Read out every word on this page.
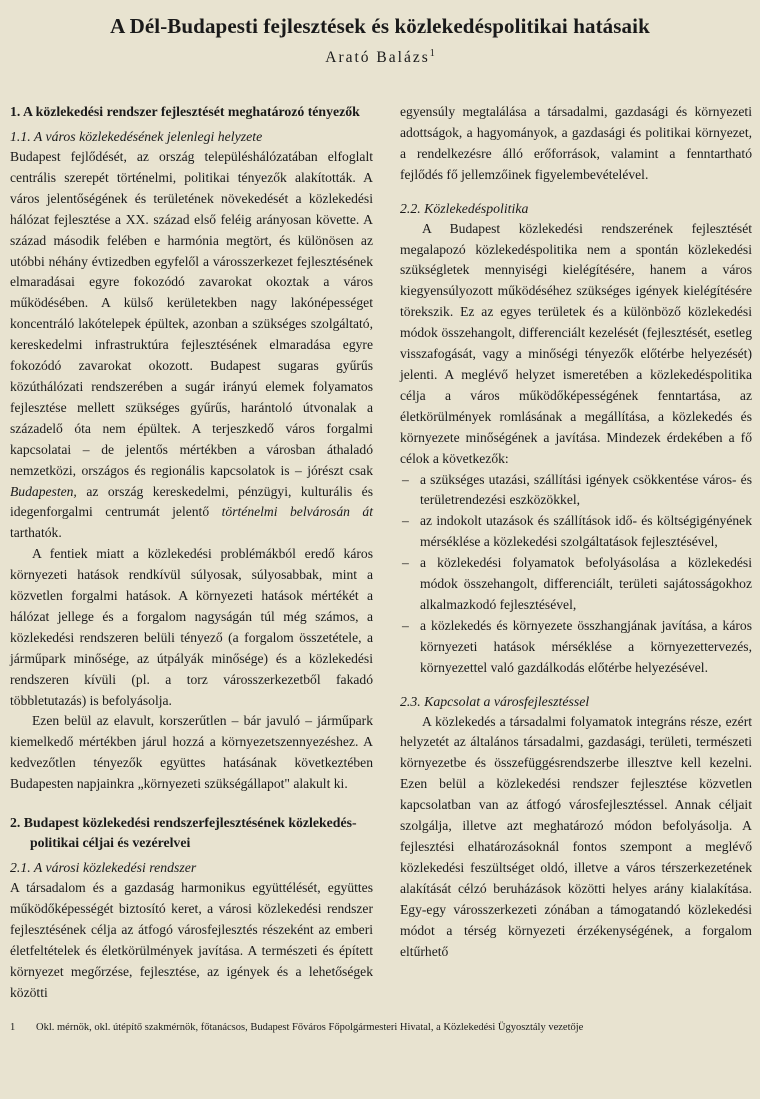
A Dél-Budapesti fejlesztések és közlekedéspolitikai hatásaik
Arató Balázs$^1$
1. A közlekedési rendszer fejlesztését meghatározó tényezők
1.1. A város közlekedésének jelenlegi helyzete

Budapest fejlődését, az ország településhálózatában elfoglalt centrális szerepét történelmi, politikai tényezők alakították. A város jelentőségének és területének növekedését a közlekedési hálózat fejlesztése a XX. század első feléig arányosan követte. A század második felében e harmónia megtört, és különösen az utóbbi néhány évtizedben egyfelől a városszerkezet fejlesztésének elmaradásai egyre fokozódó zavarokat okoztak a város működésében. A külső kerületekben nagy lakónépességet koncentráló lakótelepek épültek, azonban a szükséges szolgáltató, kereskedelmi infrastruktúra fejlesztésének elmaradása egyre fokozódó zavarokat okozott. Budapest sugaras gyűrűs közúthálózati rendszerében a sugár irányú elemek folyamatos fejlesztése mellett szükséges gyűrűs, harántoló útvonalak a századelő óta nem épültek. A terjeszkedő város forgalmi kapcsolatai – de jelentős mértékben a városban áthaladó nemzetközi, országos és regionális kapcsolatok is – jórészt csak Budapesten, az ország kereskedelmi, pénzügyi, kulturális és idegenforgalmi centrumát jelentő történelmi belvárosán át tarthatók.

A fentiek miatt a közlekedési problémákból eredő káros környezeti hatások rendkívül súlyosak, súlyosabbak, mint a közvetlen forgalmi hatások. A környezeti hatások mértékét a hálózat jellege és a forgalom nagyságán túl még számos, a közlekedési rendszeren belüli tényező (a forgalom összetétele, a járműpark minősége, az útpályák minősége) és a közlekedési rendszeren kívüli (pl. a torz városszerkezetből fakadó többletutazás) is befolyásolja.

Ezen belül az elavult, korszerűtlen – bár javuló – járműpark kiemelkedő mértékben járul hozzá a környezetszennyezéshez. A kedvezőtlen tényezők együttes hatásának következtében Budapesten napjainkra „környezeti szükségállapot" alakult ki.

2. Budapest közlekedési rendszerfejlesztésének közlekedés-politikai céljai és vezérelvei
2.1. A városi közlekedési rendszer

A társadalom és a gazdaság harmonikus együttélését, együttes működőképességét biztosító keret, a városi közlekedési rendszer fejlesztésének célja az átfogó városfejlesztés részeként az emberi életfeltételek és életkörülmények javítása. A természeti és épített környezet megőrzése, fejlesztése, az igények és a lehetőségek közötti

egyensúly megtalálása a társadalmi, gazdasági és környezeti adottságok, a hagyományok, a gazdasági és politikai környezet, a rendelkezésre álló erőforrások, valamint a fenntartható fejlődés fő jellemzőinek figyelembevételével.

2.2. Közlekedéspolitika

A Budapest közlekedési rendszerének fejlesztését megalapozó közlekedéspolitika nem a spontán közlekedési szükségletek mennyiségi kielégítésére, hanem a város kiegyensúlyozott működéséhez szükséges igények kielégítésére törekszik. Ez az egyes területek és a különböző közlekedési módok összehangolt, differenciált kezelését (fejlesztését, esetleg visszafogását, vagy a minőségi tényezők előtérbe helyezését) jelenti. A meglévő helyzet ismeretében a közlekedéspolitika célja a város működőképességének fenntartása, az életkörülmények romlásának a megállítása, a közlekedés és környezete minőségének a javítása. Mindezek érdekében a fő célok a következők:

– a szükséges utazási, szállítási igények csökkentése város- és területrendezési eszközökkel,
– az indokolt utazások és szállítások idő- és költségigényének mérséklése a közlekedési szolgáltatások fejlesztésével,
– a közlekedési folyamatok befolyásolása a közlekedési módok összehangolt, differenciált, területi sajátosságokhoz alkalmazkodó fejlesztésével,
– a közlekedés és környezete összhangjának javítása, a káros környezeti hatások mérséklése a környezettervezés, környezettel való gazdálkodás előtérbe helyezésével.
2.3. Kapcsolat a városfejlesztéssel

A közlekedés a társadalmi folyamatok integráns része, ezért helyzetét az általános társadalmi, gazdasági, területi, természeti környezetbe és összefüggésrendszerbe illesztve kell kezelni. Ezen belül a közlekedési rendszer fejlesztése közvetlen kapcsolatban van az átfogó városfejlesztéssel. Annak céljait szolgálja, illetve azt meghatározó módon befolyásolja. A fejlesztési elhatározásoknál fontos szempont a meglévő közlekedési feszültséget oldó, illetve a város térszerkezetének alakítását célzó beruházások közötti helyes arány kialakítása. Egy-egy városszerkezeti zónában a támogatandó közlekedési módot a térség környezeti érzékenységének, a forgalom eltűrhető

1 Okl. mérnök, okl. útépítő szakmérnök, főtanácsos, Budapest Főváros Főpolgármesteri Hivatal, a Közlekedési Ügyosztály vezetője
